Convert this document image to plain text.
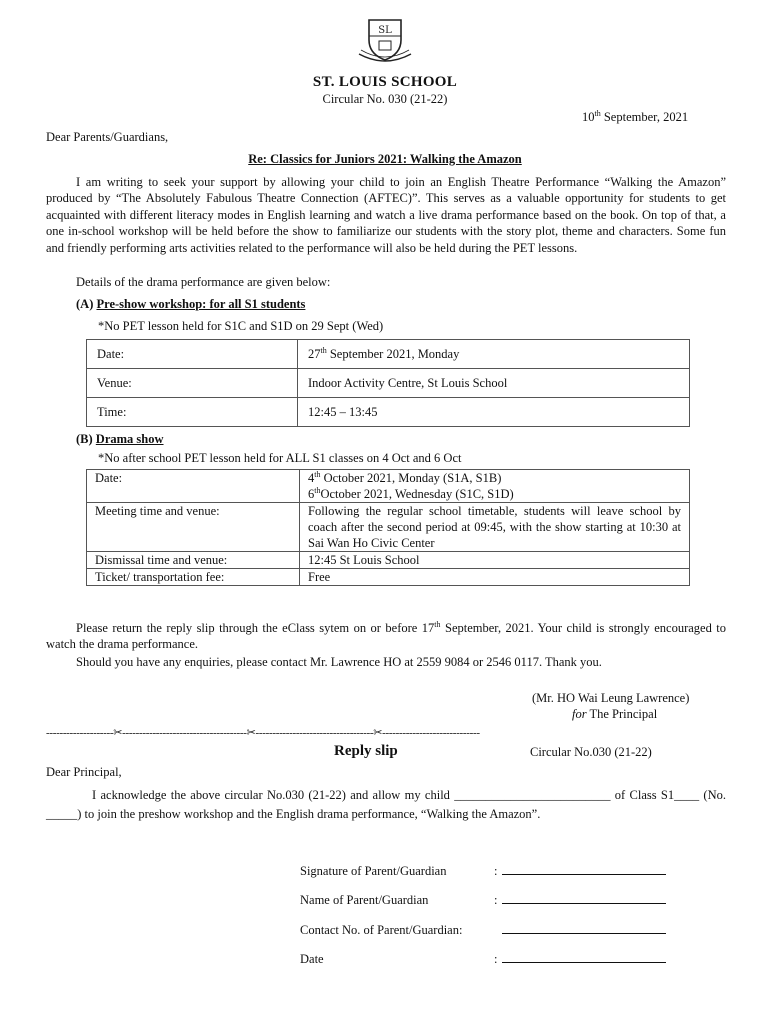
SL
ST. LOUIS SCHOOL
Circular No. 030 (21-22)
10th September, 2021
Dear Parents/Guardians,
Re: Classics for Juniors 2021: Walking the Amazon
I am writing to seek your support by allowing your child to join an English Theatre Performance “Walking the Amazon” produced by “The Absolutely Fabulous Theatre Connection (AFTEC)”. This serves as a valuable opportunity for students to get acquainted with different literacy modes in English learning and watch a live drama performance based on the book. On top of that, a one in-school workshop will be held before the show to familiarize our students with the story plot, theme and characters. Some fun and friendly performing arts activities related to the performance will also be held during the PET lessons.
Details of the drama performance are given below:
(A) Pre-show workshop: for all S1 students
*No PET lesson held for S1C and S1D on 29 Sept (Wed)
Date:	27th September 2021, Monday
Venue:	Indoor Activity Centre, St Louis School
Time:	12:45 – 13:45
(B) Drama show
*No after school PET lesson held for ALL S1 classes on 4 Oct and 6 Oct
Date:	4th October 2021, Monday (S1A, S1B)
6thOctober 2021, Wednesday (S1C, S1D)

Meeting time and venue:	Following the regular school timetable, students will leave school by coach after the second period at 09:45, with the show starting at 10:30 at Sai Wan Ho Civic Center
Dismissal time and venue:	12:45 St Louis School
Ticket/ transportation fee:	Free
Please return the reply slip through the eClass sytem on or before 17th September, 2021. Your child is strongly encouraged to watch the drama performance.
Should you have any enquiries, please contact Mr. Lawrence HO at 2559 9084 or 2546 0117. Thank you.
(Mr. HO Wai Leung Lawrence)
for The Principal
--------------------✂-------------------------------------✂-----------------------------------✂-----------------------------
Reply slip	Circular No.030 (21-22)
Dear Principal,
I acknowledge the above circular No.030 (21-22) and allow my child _________________________ of Class S1____ (No. _____) to join the preshow workshop and the English drama performance, “Walking the Amazon”.
Signature of Parent/Guardian	:
Name of Parent/Guardian	:
Contact No. of Parent/Guardian:
Date	:
